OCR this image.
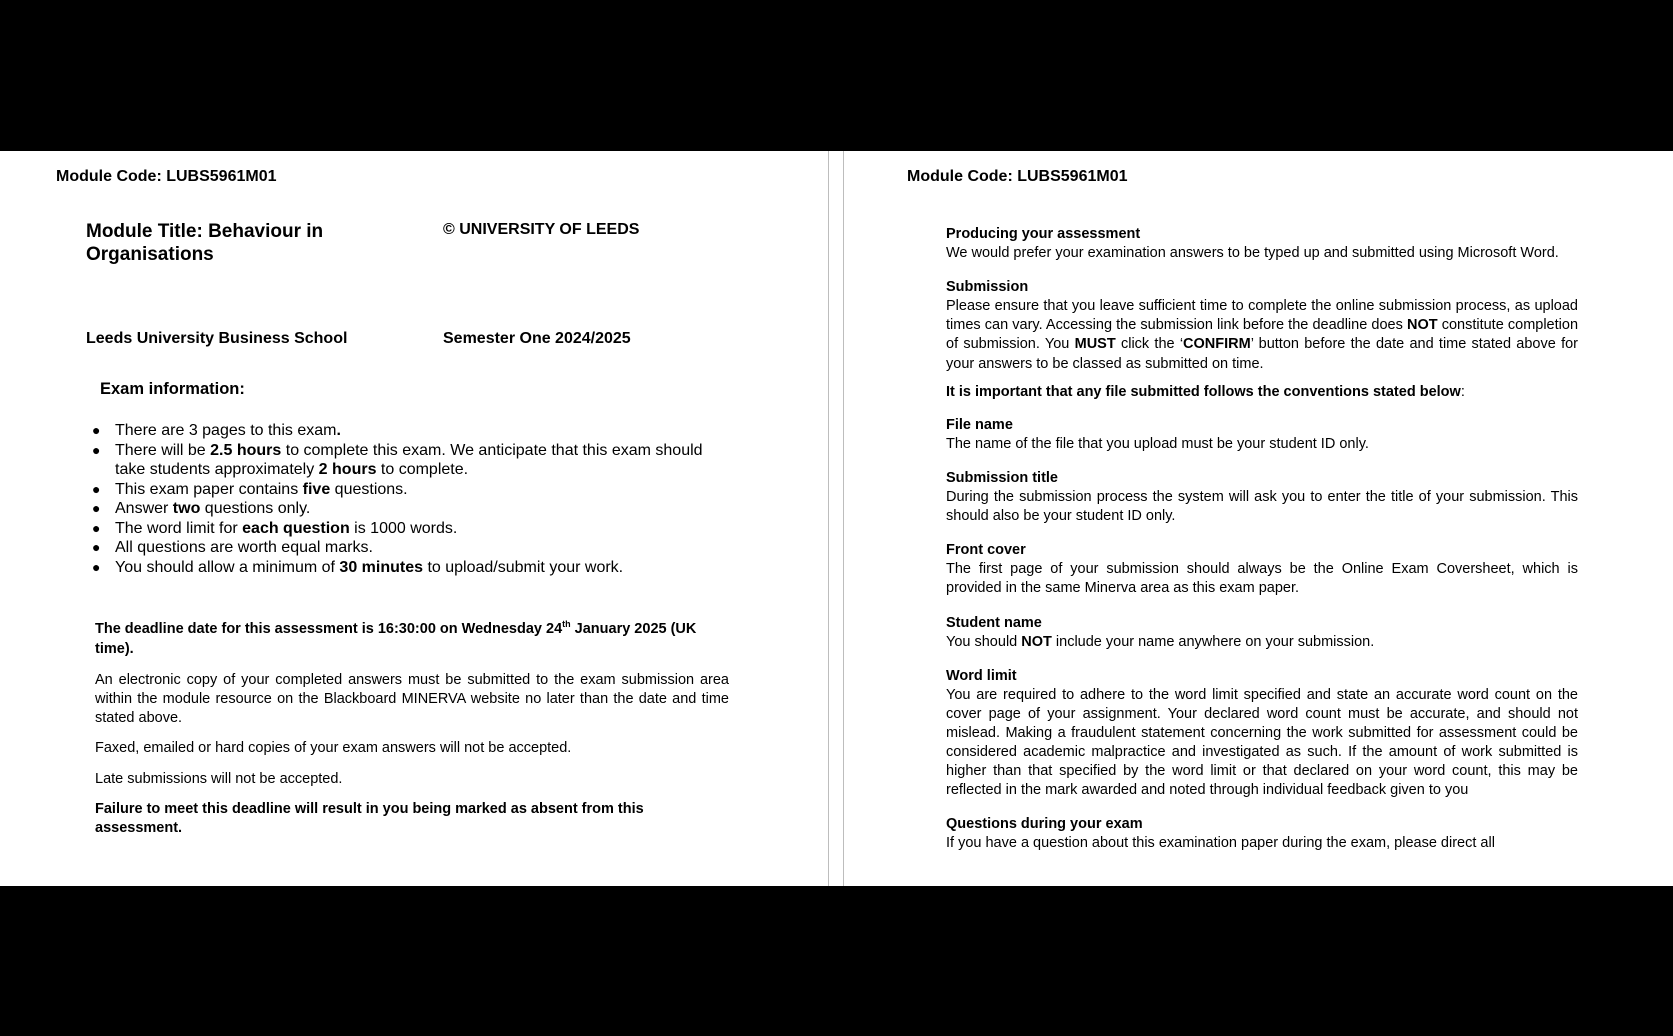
Module Code: LUBS5961M01
Module Title: Behaviour in Organisations
© UNIVERSITY OF LEEDS
Leeds University Business School	Semester One 2024/2025
Exam information:
● There are 3 pages to this exam.
● There will be 2.5 hours to complete this exam. We anticipate that this exam should take students approximately 2 hours to complete.
● This exam paper contains five questions.
● Answer two questions only.
● The word limit for each question is 1000 words.
● All questions are worth equal marks.
● You should allow a minimum of 30 minutes to upload/submit your work.
The deadline date for this assessment is 16:30:00 on Wednesday 24th January 2025 (UK time).
An electronic copy of your completed answers must be submitted to the exam submission area within the module resource on the Blackboard MINERVA website no later than the date and time stated above.
Faxed, emailed or hard copies of your exam answers will not be accepted.
Late submissions will not be accepted.
Failure to meet this deadline will result in you being marked as absent from this assessment.
Module Code: LUBS5961M01
Producing your assessment
We would prefer your examination answers to be typed up and submitted using Microsoft Word.
Submission
Please ensure that you leave sufficient time to complete the online submission process, as upload times can vary. Accessing the submission link before the deadline does NOT constitute completion of submission. You MUST click the ‘CONFIRM’ button before the date and time stated above for your answers to be classed as submitted on time.
It is important that any file submitted follows the conventions stated below:
File name
The name of the file that you upload must be your student ID only.
Submission title
During the submission process the system will ask you to enter the title of your submission. This should also be your student ID only.
Front cover
The first page of your submission should always be the Online Exam Coversheet, which is provided in the same Minerva area as this exam paper.
Student name
You should NOT include your name anywhere on your submission.
Word limit
You are required to adhere to the word limit specified and state an accurate word count on the cover page of your assignment. Your declared word count must be accurate, and should not mislead. Making a fraudulent statement concerning the work submitted for assessment could be considered academic malpractice and investigated as such. If the amount of work submitted is higher than that specified by the word limit or that declared on your word count, this may be reflected in the mark awarded and noted through individual feedback given to you
Questions during your exam
If you have a question about this examination paper during the exam, please direct all
